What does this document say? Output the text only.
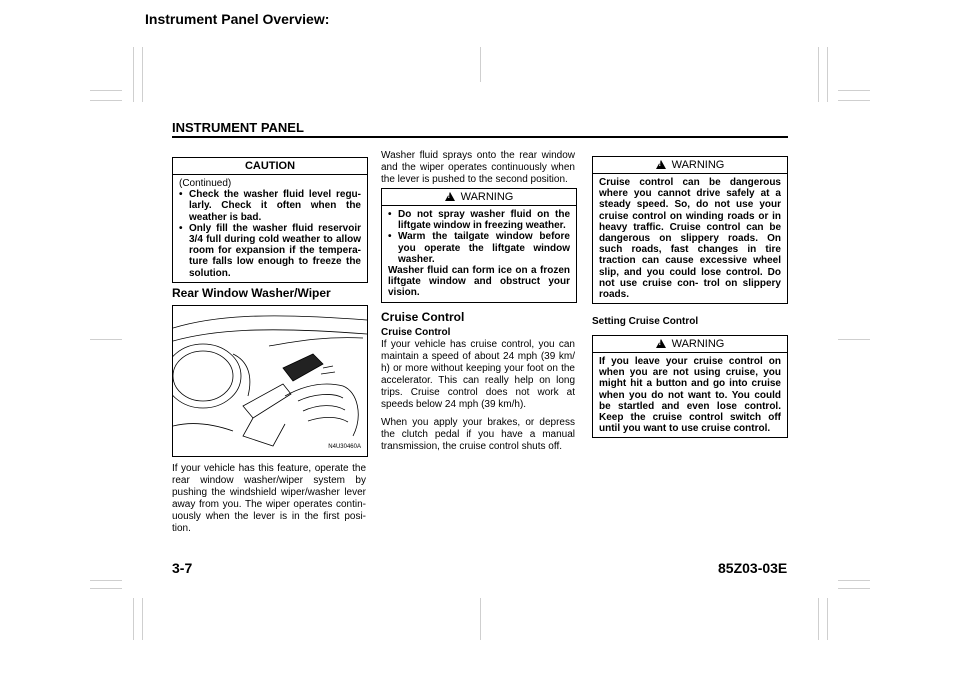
Instrument Panel Overview:
INSTRUMENT PANEL
CAUTION
(Continued)
• Check the washer fluid level regu- larly. Check it often when the weather is bad.
• Only fill the washer fluid reservoir 3/4 full during cold weather to allow room for expansion if the tempera- ture falls low enough to freeze the solution.
Rear Window Washer/Wiper
N4U30460A

If your vehicle has this feature, operate the rear window washer/wiper system by pushing the windshield wiper/washer lever away from you. The wiper operates contin- uously when the lever is in the first posi- tion.

Washer fluid sprays onto the rear window and the wiper operates continuously when the lever is pushed to the second position.

!WARNING
• Do not spray washer fluid on the liftgate window in freezing weather.
• Warm the tailgate window before you operate the liftgate window washer.
Washer fluid can form ice on a frozen liftgate window and obstruct your vision.
Cruise Control
Cruise Control

If your vehicle has cruise control, you can maintain a speed of about 24 mph (39 km/ h) or more without keeping your foot on the accelerator. This can really help on long trips. Cruise control does not work at speeds below 24 mph (39 km/h).

When you apply your brakes, or depress the clutch pedal if you have a manual transmission, the cruise control shuts off.

!WARNING
Cruise control can be dangerous where you cannot drive safely at a steady speed. So, do not use your cruise control on winding roads or in heavy traffic. Cruise control can be dangerous on slippery roads. On such roads, fast changes in tire traction can cause excessive wheel slip, and you could lose control. Do not use cruise con- trol on slippery roads.
Setting Cruise Control
!WARNING
If you leave your cruise control on when you are not using cruise, you might hit a button and go into cruise when you do not want to. You could be startled and even lose control. Keep the cruise control switch off until you want to use cruise control.
3-7	85Z03-03E
